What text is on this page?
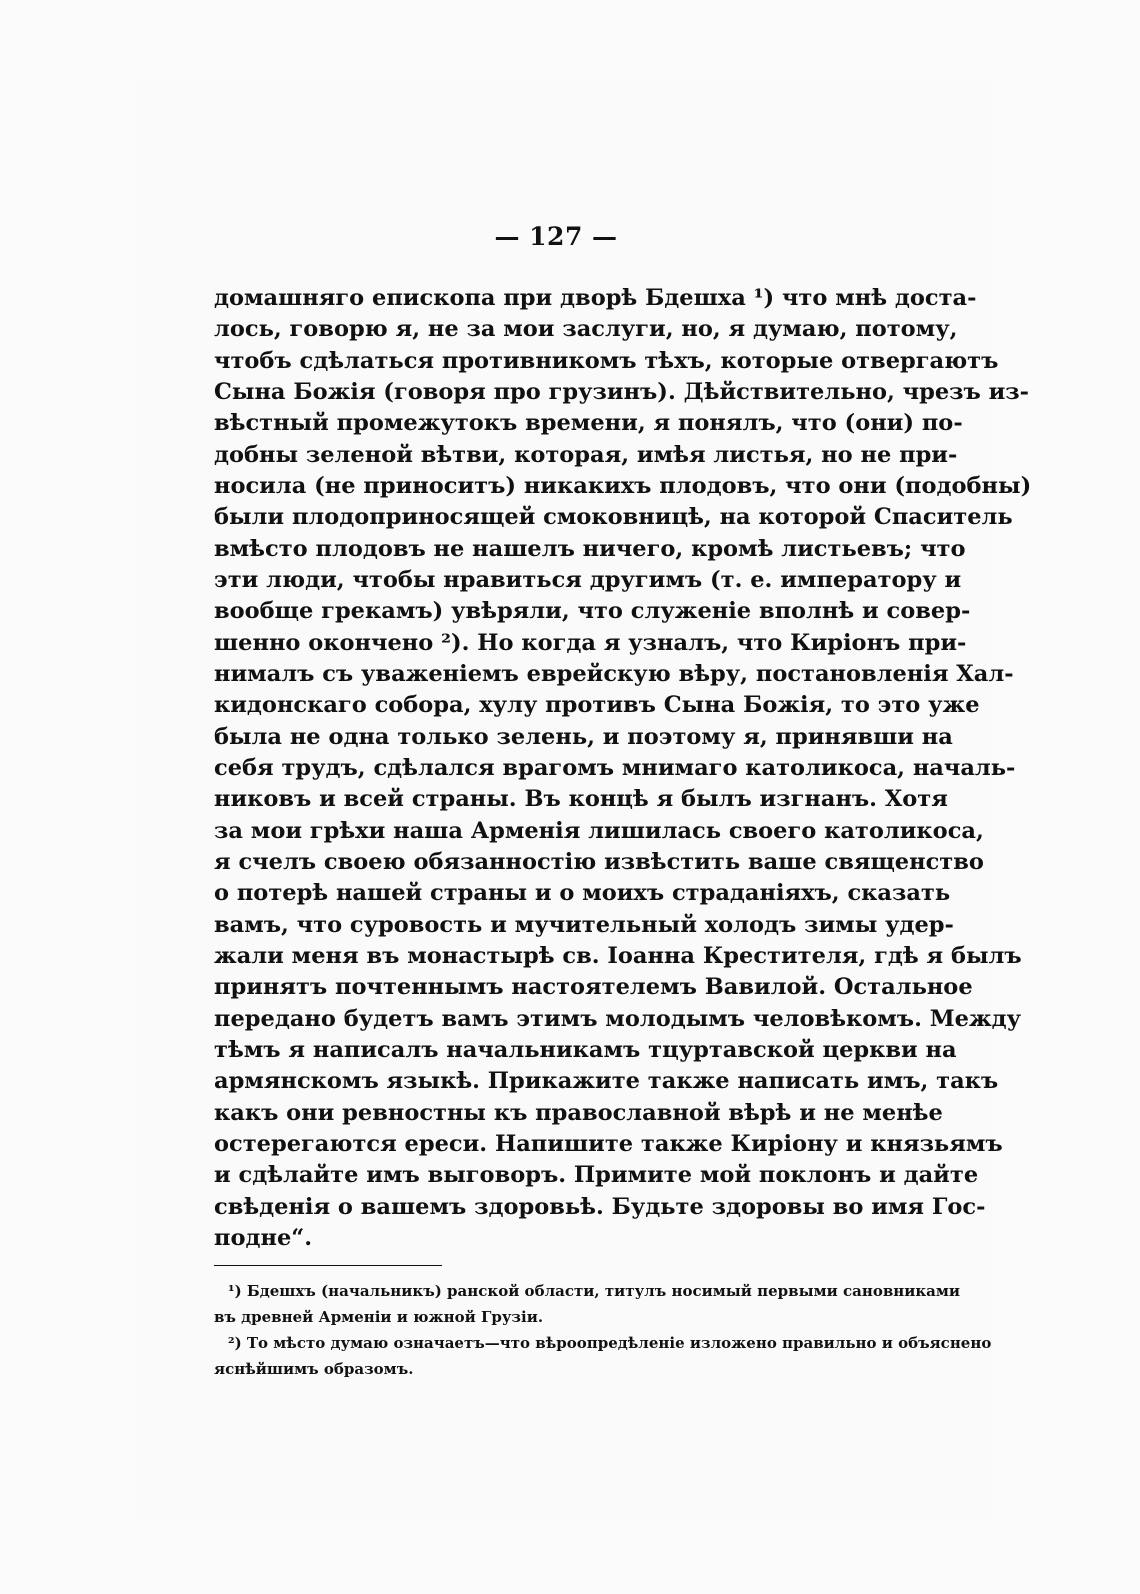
— 127 —
домашняго епископа при дворѣ Бдешха ¹) что мнѣ доста-
лось, говорю я, не за мои заслуги, но, я думаю, потому,
чтобъ сдѣлаться противникомъ тѣхъ, которые отвергаютъ
Сына Божія (говоря про грузинъ). Дѣйствительно, чрезъ из-
вѣстный промежутокъ времени, я понялъ, что (они) по-
добны зеленой вѣтви, которая, имѣя листья, но не при-
носила (не приноситъ) никакихъ плодовъ, что они (подобны)
были плодоприносящей смоковницѣ, на которой Спаситель
вмѣсто плодовъ не нашелъ ничего, кромѣ листьевъ; что
эти люди, чтобы нравиться другимъ (т. е. императору и
вообще грекамъ) увѣряли, что служеніе вполнѣ и совер-
шенно окончено ²). Но когда я узналъ, что Киріонъ при-
нималъ съ уваженіемъ еврейскую вѣру, постановленія Хал-
кидонскаго собора, хулу противъ Сына Божія, то это уже
была не одна только зелень, и поэтому я, принявши на
себя трудъ, сдѣлался врагомъ мнимаго католикоса, началь-
никовъ и всей страны. Въ концѣ я былъ изгнанъ. Хотя
за мои грѣхи наша Арменія лишилась своего католикоса,
я счелъ своею обязанностію извѣстить ваше священство
о потерѣ нашей страны и о моихъ страданіяхъ, сказать
вамъ, что суровость и мучительный холодъ зимы удер-
жали меня въ монастырѣ св. Іоанна Крестителя, гдѣ я былъ
принятъ почтеннымъ настоятелемъ Вавилой. Остальное
передано будетъ вамъ этимъ молодымъ человѣкомъ. Между
тѣмъ я написалъ начальникамъ тцуртавской церкви на
армянскомъ языкѣ. Прикажите также написать имъ, такъ
какъ они ревностны къ православной вѣрѣ и не менѣе
остерегаются ереси. Напишите также Киріону и князьямъ
и сдѣлайте имъ выговоръ. Примите мой поклонъ и дайте
свѣденія о вашемъ здоровьѣ. Будьте здоровы во имя Гос-
подне“.
¹) Бдешхъ (начальникъ) ранской области, титулъ носимый первыми сановниками
въ древней Арменіи и южной Грузіи.
²) То мѣсто думаю означаетъ—что вѣроопредѣленіе изложено правильно и объяснено
яснѣйшимъ образомъ.
